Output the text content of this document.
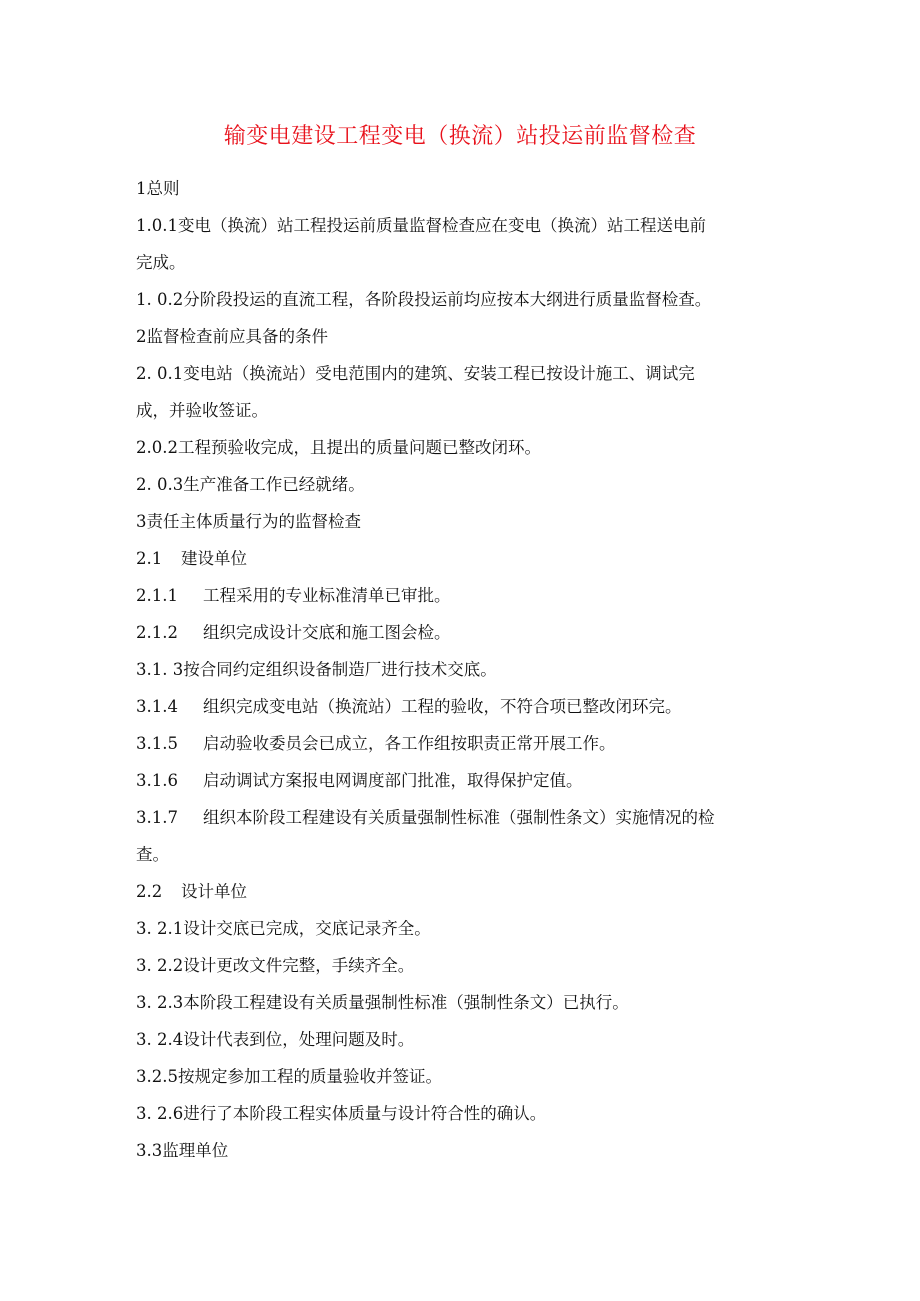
输变电建设工程变电（换流）站投运前监督检查
1总则
1.0.1变电（换流）站工程投运前质量监督检查应在变电（换流）站工程送电前
完成。
1. 0.2分阶段投运的直流工程，各阶段投运前均应按本大纲进行质量监督检查。
2监督检查前应具备的条件
2. 0.1变电站（换流站）受电范围内的建筑、安装工程已按设计施工、调试完
成，并验收签证。
2.0.2工程预验收完成，且提出的质量问题已整改闭环。
2. 0.3生产准备工作已经就绪。
3责任主体质量行为的监督检查
2.1 建设单位
2.1.1 工程采用的专业标准清单已审批。
2.1.2 组织完成设计交底和施工图会检。
3.1. 3按合同约定组织设备制造厂进行技术交底。
3.1.4 组织完成变电站（换流站）工程的验收，不符合项已整改闭环完。
3.1.5 启动验收委员会已成立，各工作组按职责正常开展工作。
3.1.6 启动调试方案报电网调度部门批准，取得保护定值。
3.1.7 组织本阶段工程建设有关质量强制性标准（强制性条文）实施情况的检
查。
2.2 设计单位
3. 2.1设计交底已完成，交底记录齐全。
3. 2.2设计更改文件完整，手续齐全。
3. 2.3本阶段工程建设有关质量强制性标准（强制性条文）已执行。
3. 2.4设计代表到位，处理问题及时。
3.2.5按规定参加工程的质量验收并签证。
3. 2.6进行了本阶段工程实体质量与设计符合性的确认。
3.3监理单位
